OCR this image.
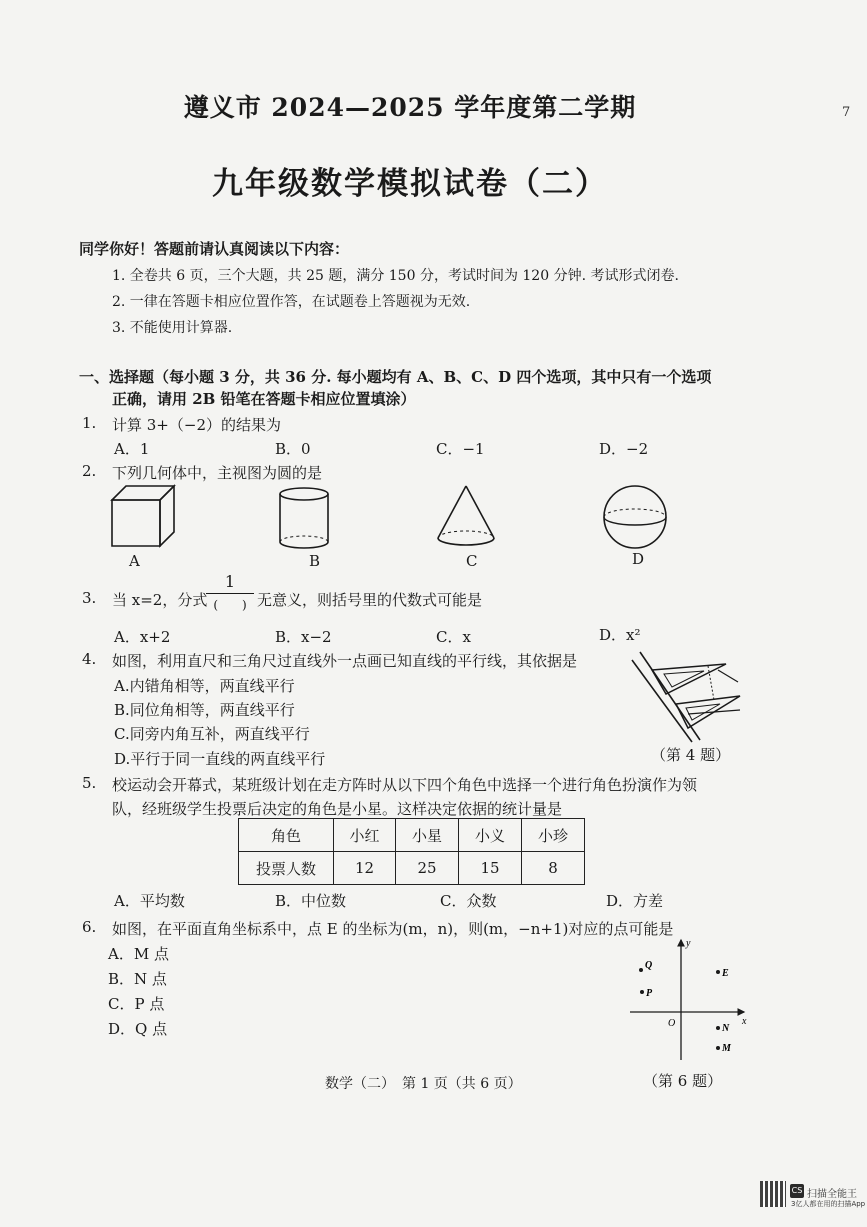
遵义市 2024—2025 学年度第二学期
九年级数学模拟试卷（二）
7
同学你好！答题前请认真阅读以下内容：
1. 全卷共 6 页，三个大题，共 25 题，满分 150 分，考试时间为 120 分钟. 考试形式闭卷.
2. 一律在答题卡相应位置作答，在试题卷上答题视为无效.
3. 不能使用计算器.
一、选择题（每小题 3 分，共 36 分. 每小题均有 A、B、C、D 四个选项，其中只有一个选项
正确，请用 2B 铅笔在答题卡相应位置填涂）
1. 计算 3+（−2）的结果为
A．1	B．0	C．−1	D．−2
2. 下列几何体中，主视图为圆的是
A	B	C	D
3. 当 x=2，分式
1
(　　) 无意义，则括号里的代数式可能是
A．x+2	B．x−2	C．x	D．x²
4. 如图，利用直尺和三角尺过直线外一点画已知直线的平行线，其依据是
A.内错角相等，两直线平行
B.同位角相等，两直线平行
C.同旁内角互补，两直线平行
D.平行于同一直线的两直线平行	（第 4 题）
5. 校运动会开幕式，某班级计划在走方阵时从以下四个角色中选择一个进行角色扮演作为领
队，经班级学生投票后决定的角色是小星。这样决定依据的统计量是
角色	小红	小星	小义	小珍
投票人数	12	25	15	8
A．平均数	B．中位数	C．众数	D．方差
6. 如图，在平面直角坐标系中，点 E 的坐标为(m，n)，则(m，−n+1)对应的点可能是
A．M 点
B．N 点
C．P 点
D．Q 点
y
x
O
Q
P
E
N
M
（第 6 题）
数学（二）　第 1 页（共 6 页）
CS 扫描全能王
3亿人都在用的扫描App
